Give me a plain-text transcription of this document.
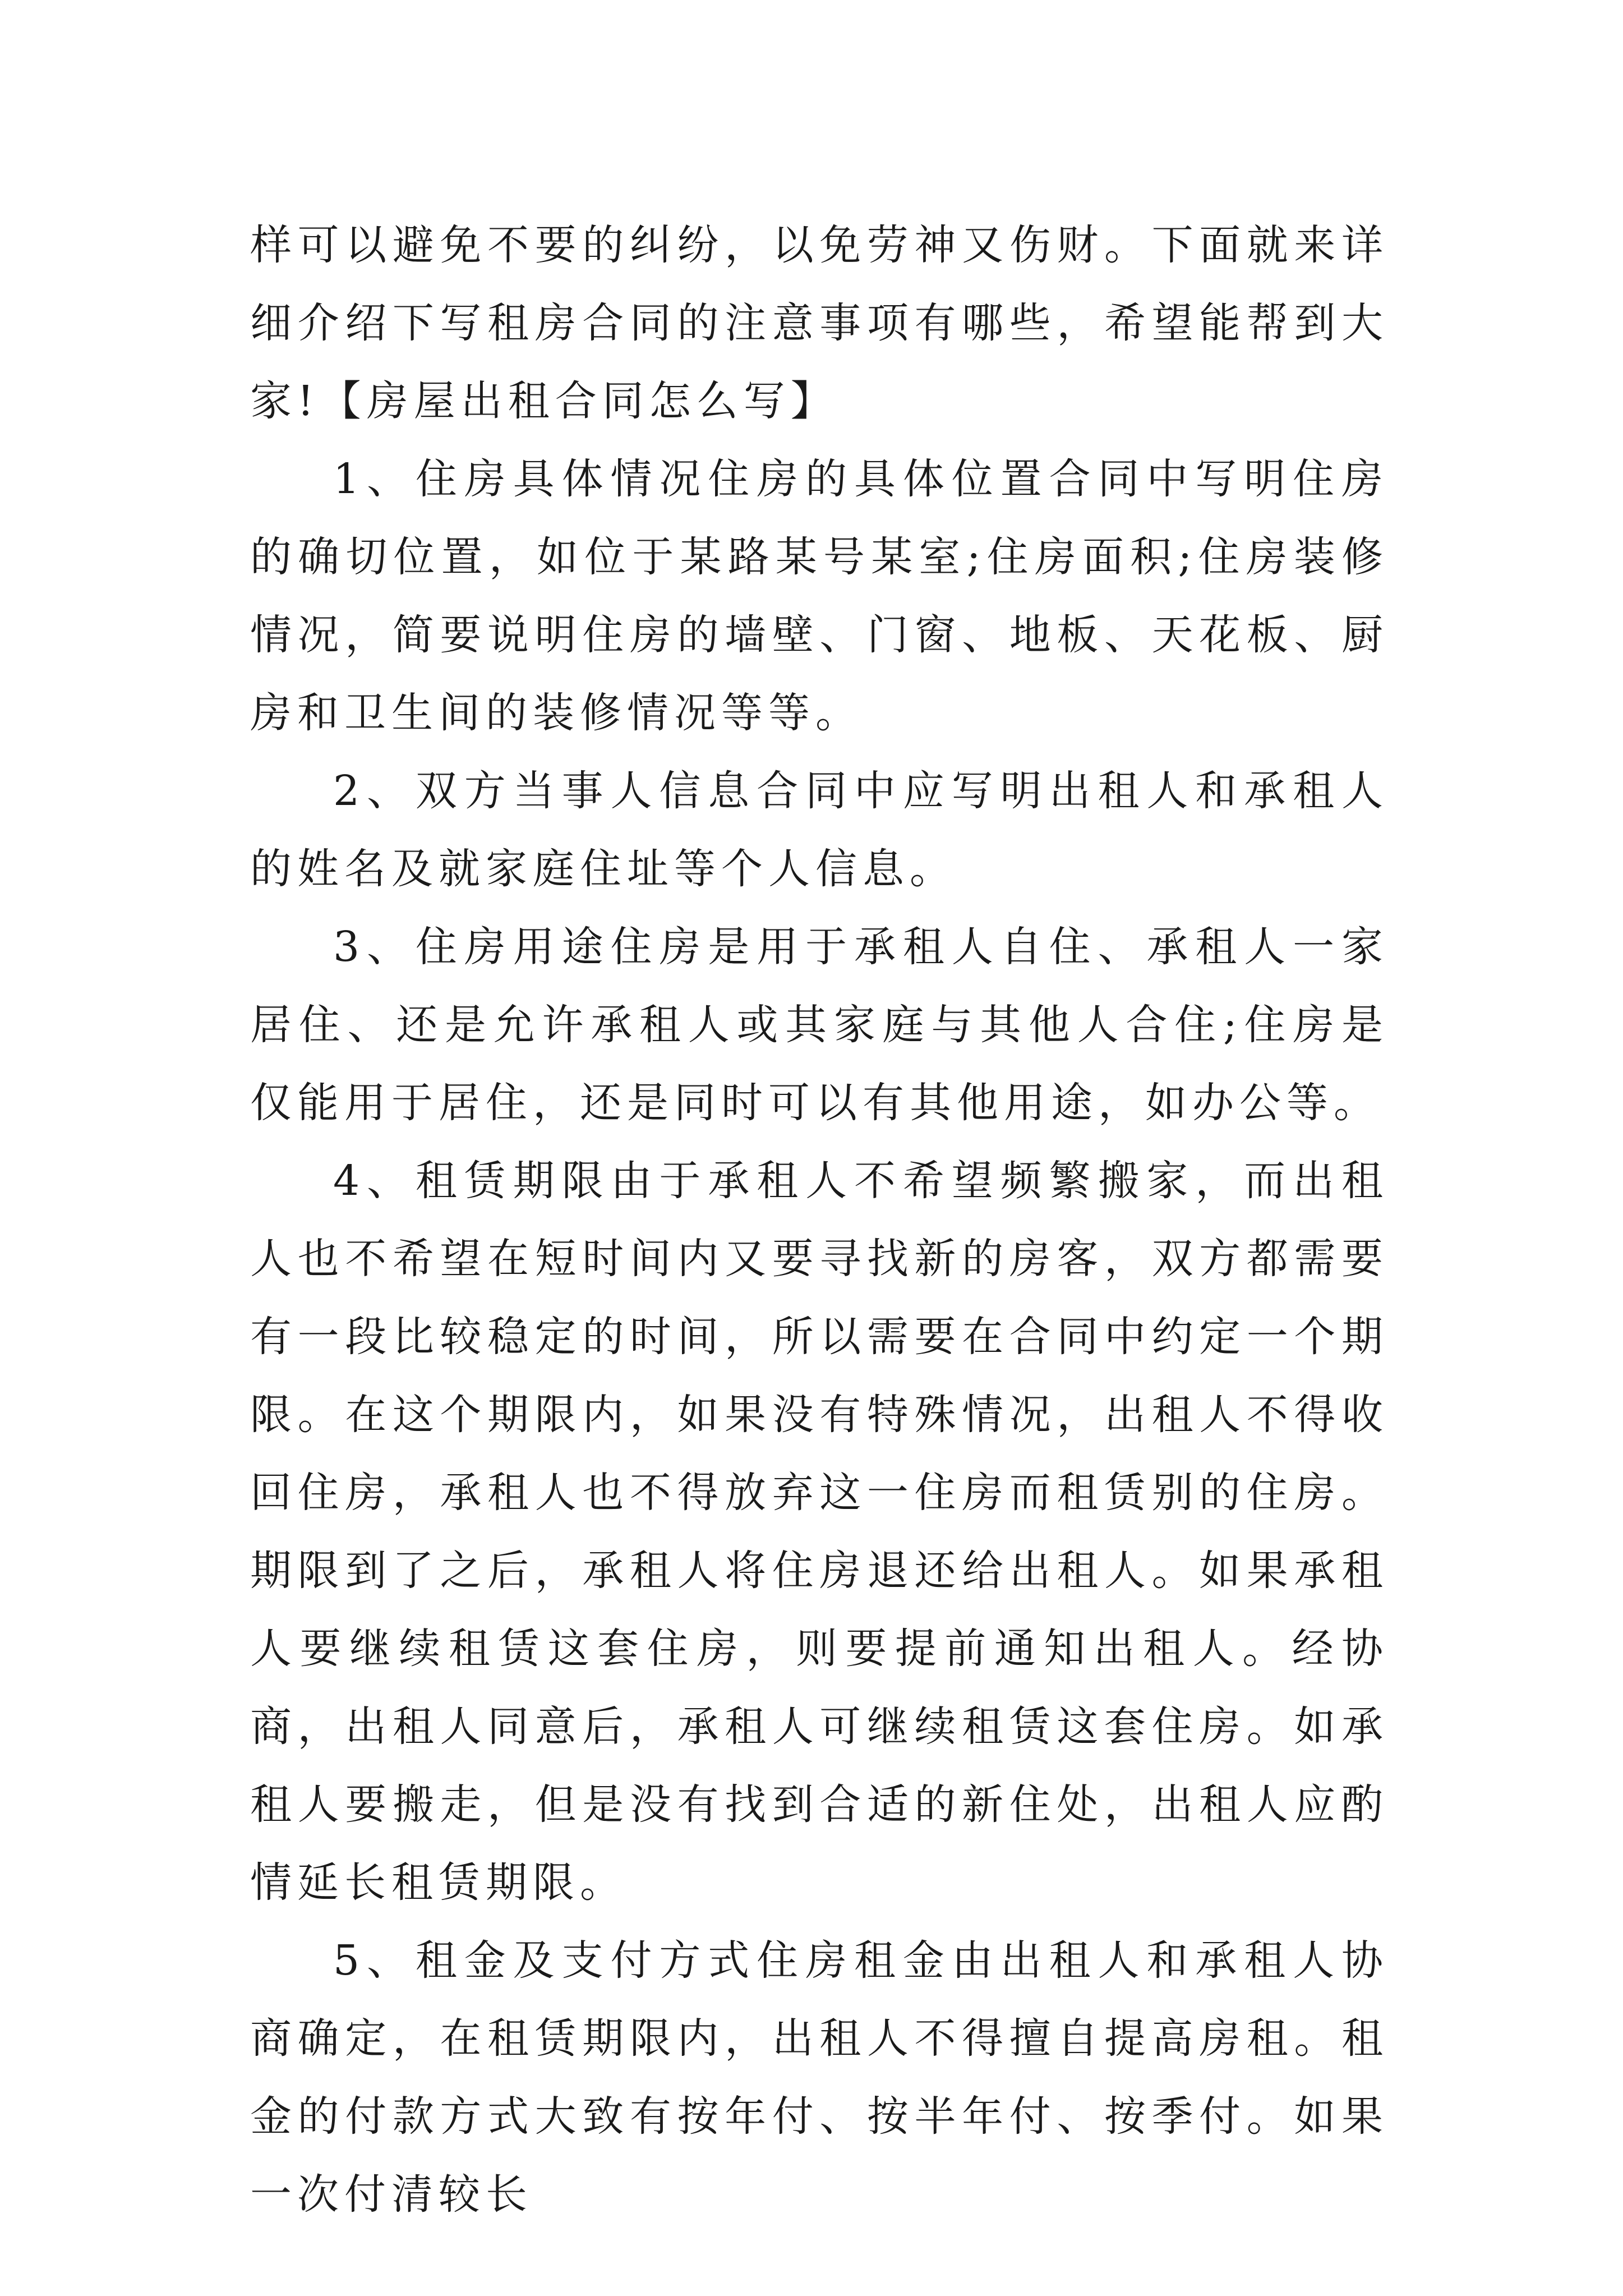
样可以避免不要的纠纷，以免劳神又伤财。下面就来详细介绍下写租房合同的注意事项有哪些，希望能帮到大家!【房屋出租合同怎么写】

1、住房具体情况住房的具体位置合同中写明住房的确切位置，如位于某路某号某室;住房面积;住房装修情况，简要说明住房的墙壁、门窗、地板、天花板、厨房和卫生间的装修情况等等。

2、双方当事人信息合同中应写明出租人和承租人的姓名及就家庭住址等个人信息。

3、住房用途住房是用于承租人自住、承租人一家居住、还是允许承租人或其家庭与其他人合住;住房是仅能用于居住，还是同时可以有其他用途，如办公等。

4、租赁期限由于承租人不希望频繁搬家，而出租人也不希望在短时间内又要寻找新的房客，双方都需要有一段比较稳定的时间，所以需要在合同中约定一个期限。在这个期限内，如果没有特殊情况，出租人不得收回住房，承租人也不得放弃这一住房而租赁别的住房。期限到了之后，承租人将住房退还给出租人。如果承租人要继续租赁这套住房，则要提前通知出租人。经协商，出租人同意后，承租人可继续租赁这套住房。如承租人要搬走，但是没有找到合适的新住处，出租人应酌情延长租赁期限。

5、租金及支付方式住房租金由出租人和承租人协商确定，在租赁期限内，出租人不得擅自提高房租。租金的付款方式大致有按年付、按半年付、按季付。如果一次付清较长
